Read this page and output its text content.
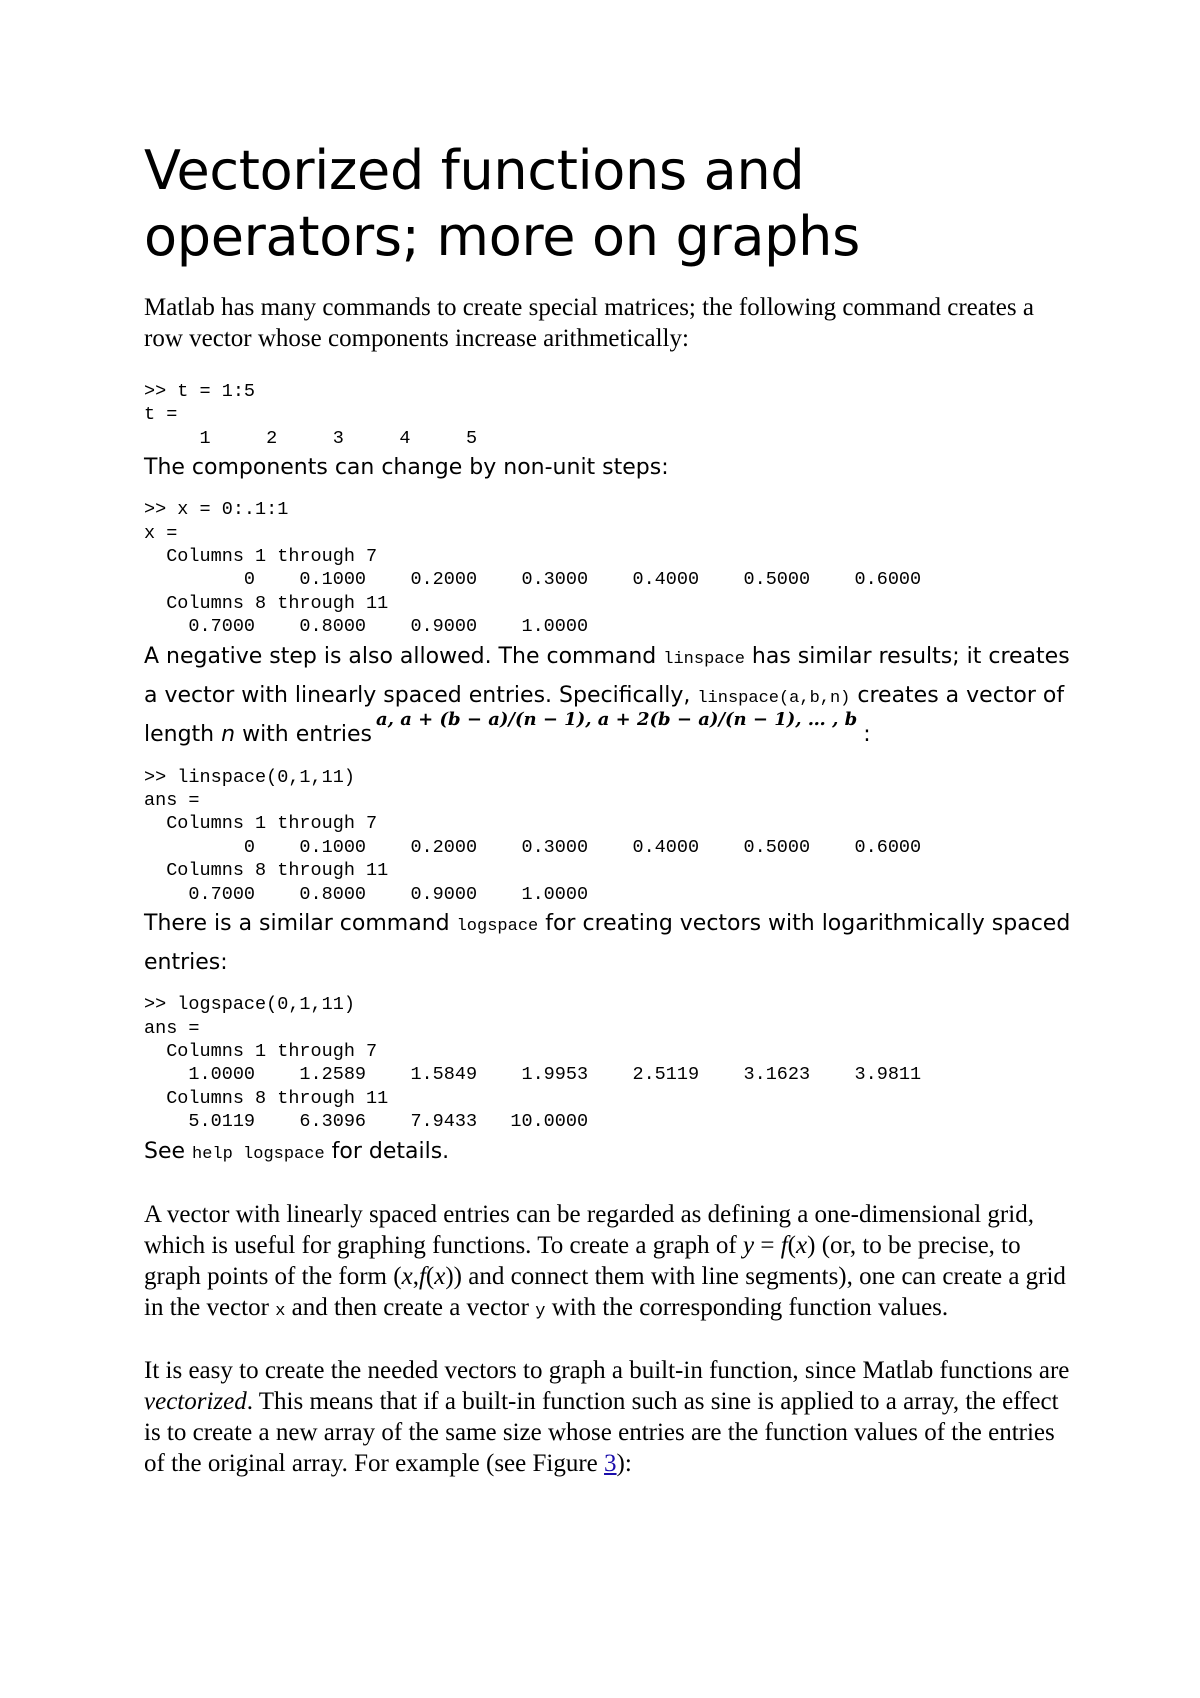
Vectorized functions and operators; more on graphs

Matlab has many commands to create special matrices; the following command creates a row vector whose components increase arithmetically:

>> t = 1:5
t =
1     2     3     4     5

The components can change by non-unit steps:

>> x = 0:.1:1
x =
Columns 1 through 7
0    0.1000    0.2000    0.3000    0.4000    0.5000    0.6000
Columns 8 through 11
0.7000    0.8000    0.9000    1.0000

A negative step is also allowed. The command linspace has similar results; it creates a vector with linearly spaced entries. Specifically, linspace(a,b,n) creates a vector of length n with entries$^{a, a + (b - a)/(n - 1), a + 2(b - a)/(n - 1), \dots , b}$:

>> linspace(0,1,11)
ans =
Columns 1 through 7
0    0.1000    0.2000    0.3000    0.4000    0.5000    0.6000
Columns 8 through 11
0.7000    0.8000    0.9000    1.0000

There is a similar command logspace for creating vectors with logarithmically spaced entries:

>> logspace(0,1,11)
ans =
Columns 1 through 7
1.0000    1.2589    1.5849    1.9953    2.5119    3.1623    3.9811
Columns 8 through 11
5.0119    6.3096    7.9433   10.0000

See help logspace for details.

A vector with linearly spaced entries can be regarded as defining a one-dimensional grid, which is useful for graphing functions. To create a graph of y = f(x) (or, to be precise, to graph points of the form (x,f(x)) and connect them with line segments), one can create a grid in the vector x and then create a vector y with the corresponding function values.

It is easy to create the needed vectors to graph a built-in function, since Matlab functions are vectorized. This means that if a built-in function such as sine is applied to a array, the effect is to create a new array of the same size whose entries are the function values of the entries of the original array. For example (see Figure 3):
